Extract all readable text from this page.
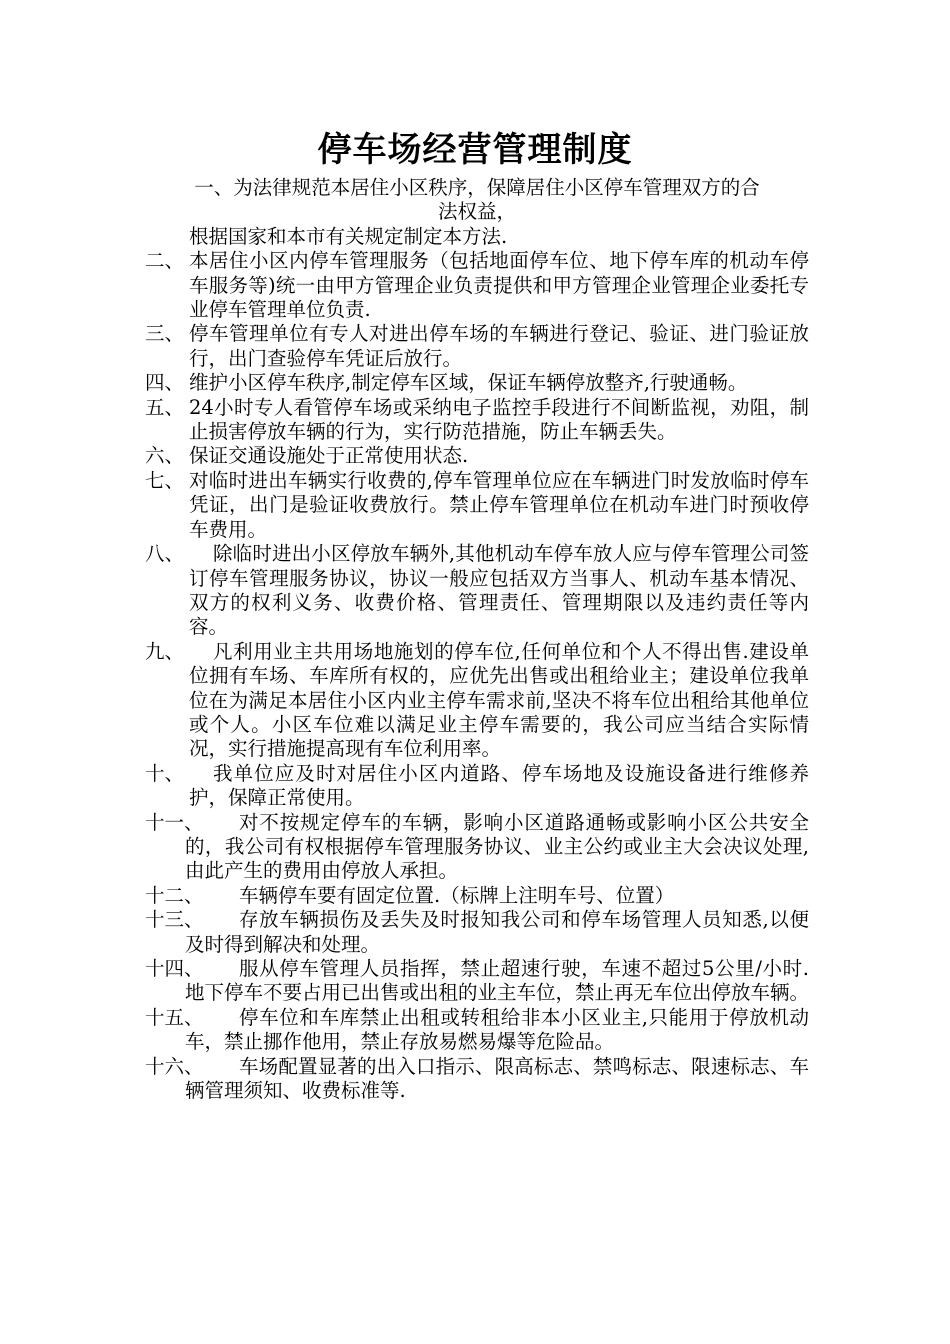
停车场经营管理制度
一、为法律规范本居住小区秩序，保障居住小区停车管理双方的合
法权益，
根据国家和本市有关规定制定本方法.
二、 本居住小区内停车管理服务（包括地面停车位、地下停车库的机动车停车服务等)统一由甲方管理企业负责提供和甲方管理企业管理企业委托专业停车管理单位负责.
三、 停车管理单位有专人对进出停车场的车辆进行登记、验证、进门验证放行，出门查验停车凭证后放行。
四、 维护小区停车秩序,制定停车区域，保证车辆停放整齐,行驶通畅。
五、 24小时专人看管停车场或采纳电子监控手段进行不间断监视，劝阻，制止损害停放车辆的行为，实行防范措施，防止车辆丢失。
六、 保证交通设施处于正常使用状态.
七、 对临时进出车辆实行收费的,停车管理单位应在车辆进门时发放临时停车凭证，出门是验证收费放行。禁止停车管理单位在机动车进门时预收停车费用。
八、	除临时进出小区停放车辆外,其他机动车停车放人应与停车管理公司签订停车管理服务协议，协议一般应包括双方当事人、机动车基本情况、双方的权利义务、收费价格、管理责任、管理期限以及违约责任等内容。
九、	凡利用业主共用场地施划的停车位,任何单位和个人不得出售.建设单位拥有车场、车库所有权的，应优先出售或出租给业主；建设单位我单位在为满足本居住小区内业主停车需求前,坚决不将车位出租给其他单位或个人。小区车位难以满足业主停车需要的，我公司应当结合实际情况，实行措施提高现有车位利用率。
十、	我单位应及时对居住小区内道路、停车场地及设施设备进行维修养护，保障正常使用。
十一、	对不按规定停车的车辆，影响小区道路通畅或影响小区公共安全的，我公司有权根据停车管理服务协议、业主公约或业主大会决议处理,由此产生的费用由停放人承担。
十二、	车辆停车要有固定位置.（标牌上注明车号、位置）
十三、	存放车辆损伤及丢失及时报知我公司和停车场管理人员知悉,以便及时得到解决和处理。
十四、	服从停车管理人员指挥，禁止超速行驶，车速不超过5公里/小时.地下停车不要占用已出售或出租的业主车位，禁止再无车位出停放车辆。
十五、	停车位和车库禁止出租或转租给非本小区业主,只能用于停放机动车，禁止挪作他用，禁止存放易燃易爆等危险品。
十六、	车场配置显著的出入口指示、限高标志、禁鸣标志、限速标志、车辆管理须知、收费标准等.
